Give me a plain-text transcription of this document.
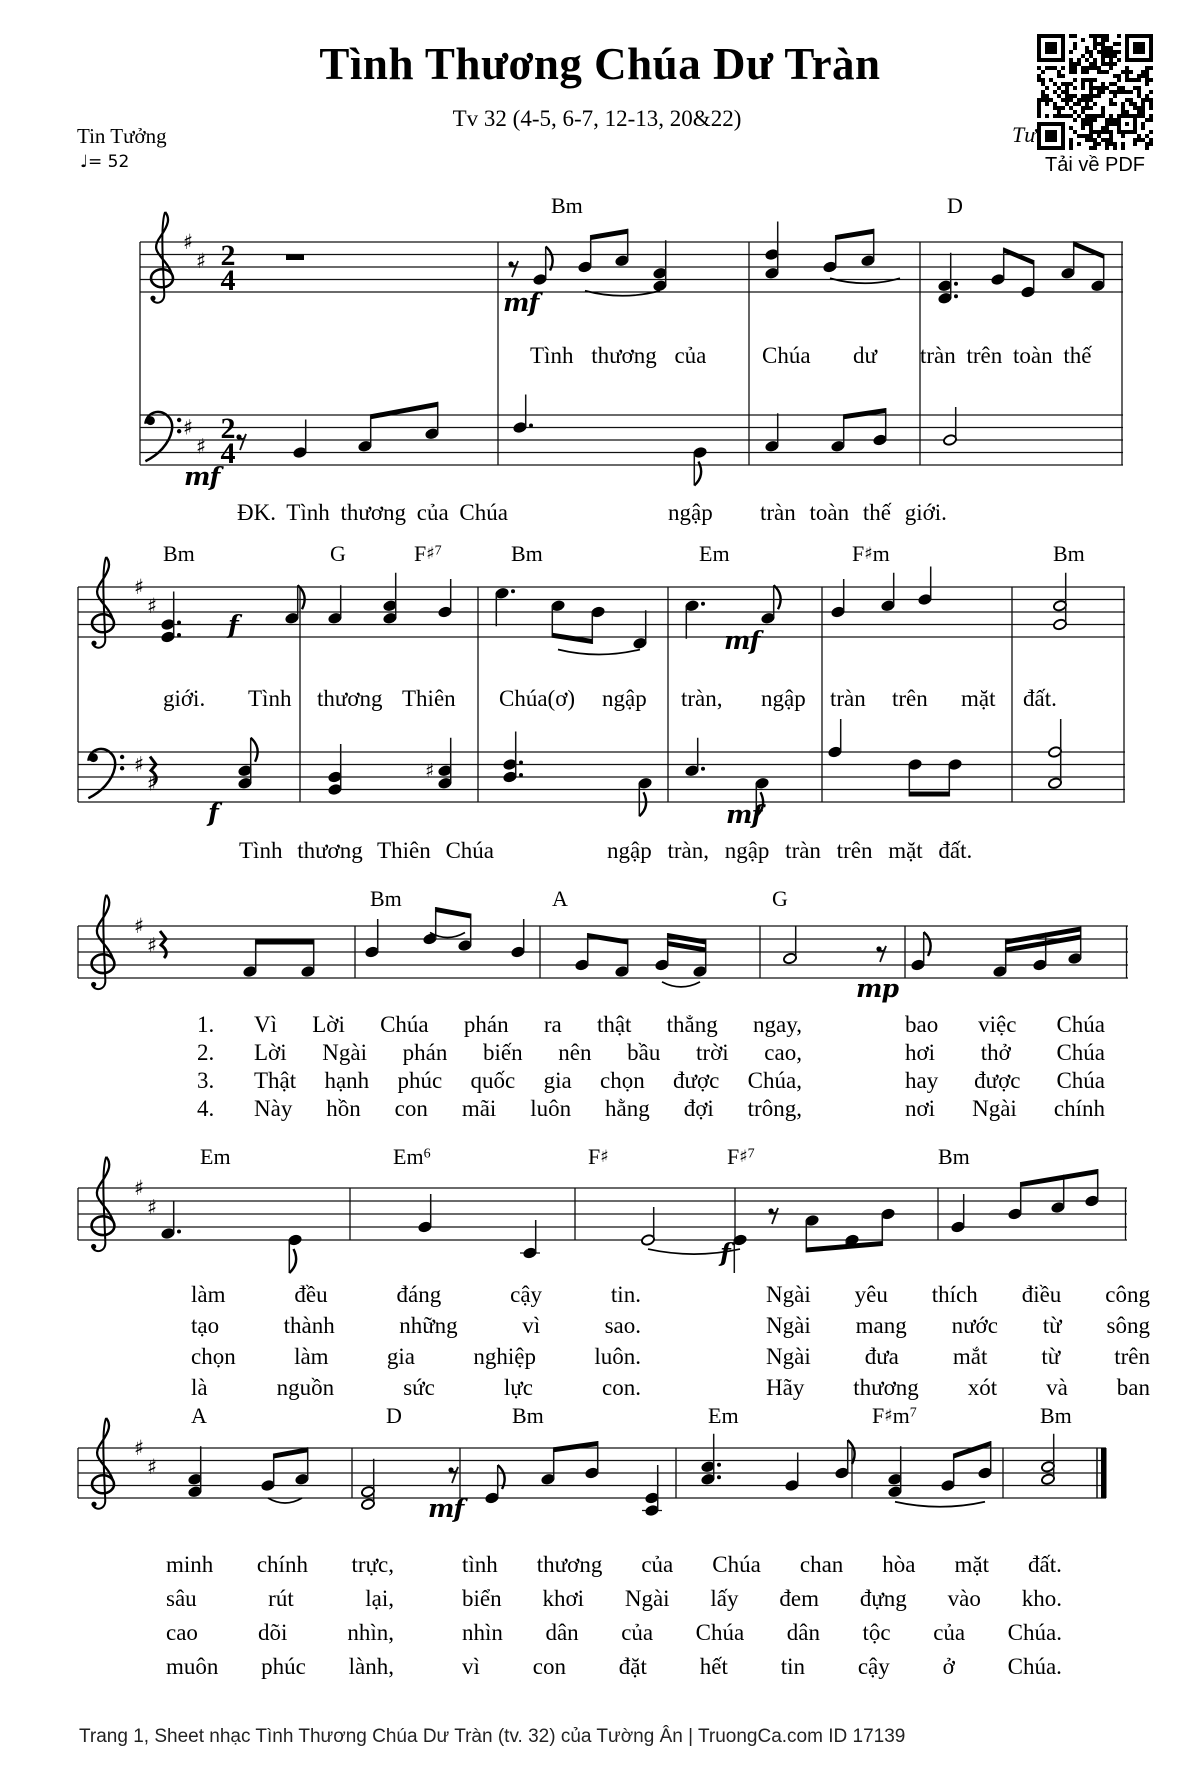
♯
♯ 2
4
♯
♯
2
4
♯
♯
♯
♯
♯
♯
♯
♯
♯
♯
♯
Tình Thương Chúa Dư Tràn
Tv 32 (4-5, 6-7, 12-13, 20&22)
Tin Tưởng
♩= 52
Tư
Tải về PDF
Bm	D
mf
mf
Bm	G	F♯$^7$	Bm	Em	F♯m	Bm
f
mf
f	mf
Bm	A	G
mp
Em	Em$^6$	F♯	F♯$^7$	Bm
f
A	D	Bm	Em	$F♯m^7$	Bm
mf
Tình thương của Chúa dư tràn trên toàn thế
ĐK. Tình thương của Chúa	ngập tràn toàn thế giới.
giới. Tình thương Thiên Chúa(ơ) ngập tràn, ngập tràn trên mặt đất.
Tình thương Thiên Chúa	ngập tràn, ngập tràn trên mặt đất.
1. Vì Lời Chúa phán ra thật thẳng ngay,	bao việc Chúa
2. Lời Ngài phán biến nên bầu trời cao,	hơi thở Chúa
3. Thật hạnh phúc quốc gia chọn được Chúa,	hay được Chúa
4. Này hồn con mãi luôn hằng đợi trông,	nơi Ngài chính
làm	đều	đáng	cậy	tin.	Ngài yêu thích điều công
tạo	thành	những	vì	sao.	Ngài mang nước từ sông
chọn	làm	gia	nghiệp	luôn.	Ngài đưa mắt từ trên
là	nguồn	sức	lực	con.	Hãy thương xót và ban
minh chính trực,	tình thương của Chúa chan hòa mặt đất.
sâu	rút	lại,	biển khơi Ngài lấy đem đựng vào kho.
cao	dõi	nhìn,	nhìn dân của Chúa dân tộc của Chúa.
muôn phúc lành,	vì con đặt hết tin cậy ở Chúa.
Trang 1, Sheet nhạc Tình Thương Chúa Dư Tràn (tv. 32) của Tường Ân | TruongCa.com ID 17139
